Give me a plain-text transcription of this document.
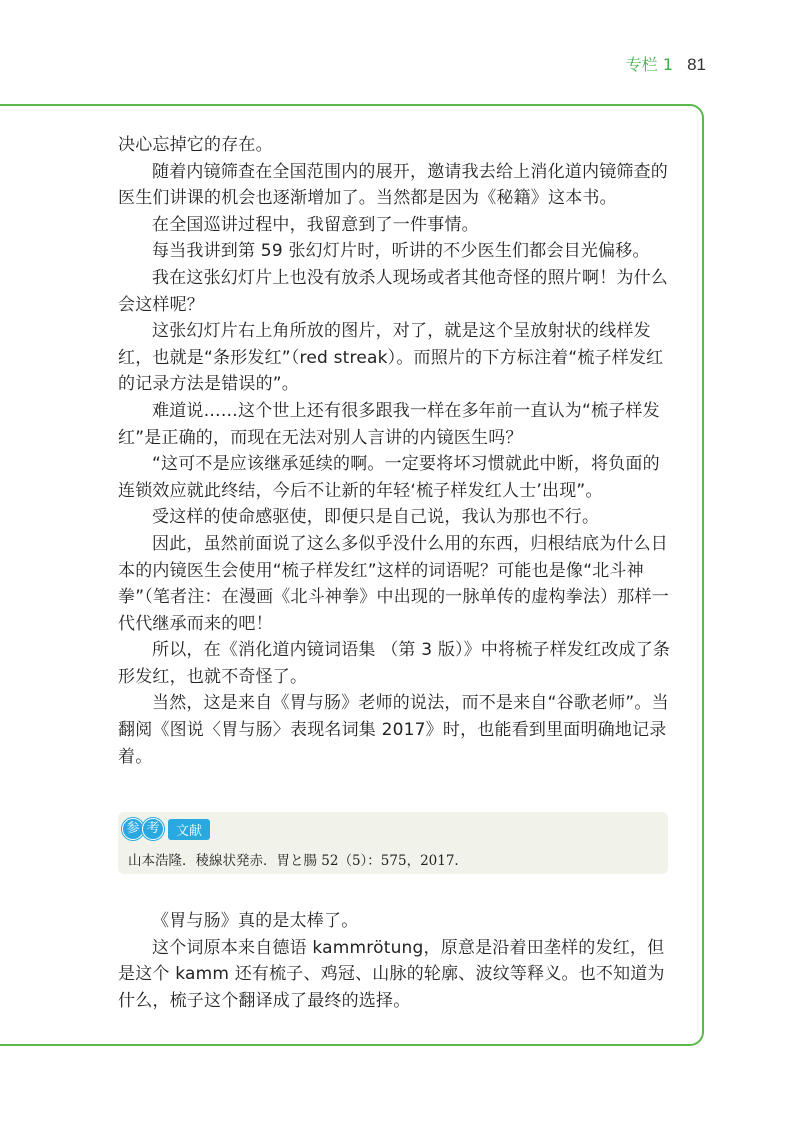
专栏 1 81

决心忘掉它的存在。

随着内镜筛查在全国范围内的展开，邀请我去给上消化道内镜筛查的医生们讲课的机会也逐渐增加了。当然都是因为《秘籍》这本书。

在全国巡讲过程中，我留意到了一件事情。

每当我讲到第 59 张幻灯片时，听讲的不少医生们都会目光偏移。

我在这张幻灯片上也没有放杀人现场或者其他奇怪的照片啊！为什么会这样呢？

这张幻灯片右上角所放的图片，对了，就是这个呈放射状的线样发红，也就是“条形发红”（red streak）。而照片的下方标注着“梳子样发红的记录方法是错误的”。

难道说……这个世上还有很多跟我一样在多年前一直认为“梳子样发红”是正确的，而现在无法对别人言讲的内镜医生吗？

“这可不是应该继承延续的啊。一定要将坏习惯就此中断，将负面的连锁效应就此终结，今后不让新的年轻‘梳子样发红人士’出现”。

受这样的使命感驱使，即便只是自己说，我认为那也不行。

因此，虽然前面说了这么多似乎没什么用的东西，归根结底为什么日本的内镜医生会使用“梳子样发红”这样的词语呢？可能也是像“北斗神拳”（笔者注：在漫画《北斗神拳》中出现的一脉单传的虚构拳法）那样一代代继承而来的吧！

所以，在《消化道内镜词语集 （第 3 版）》中将梳子样发红改成了条形发红，也就不奇怪了。

当然，这是来自《胃与肠》老师的说法，而不是来自“谷歌老师”。当翻阅《图说〈胃与肠〉表现名词集 2017》时，也能看到里面明确地记录着。

参 考	文献
山本浩隆．稜線状発赤．胃と腸 52（5）：575，2017.

《胃与肠》真的是太棒了。

这个词原本来自德语 kammrötung，原意是沿着田垄样的发红，但是这个 kamm 还有梳子、鸡冠、山脉的轮廓、波纹等释义。也不知道为什么，梳子这个翻译成了最终的选择。
